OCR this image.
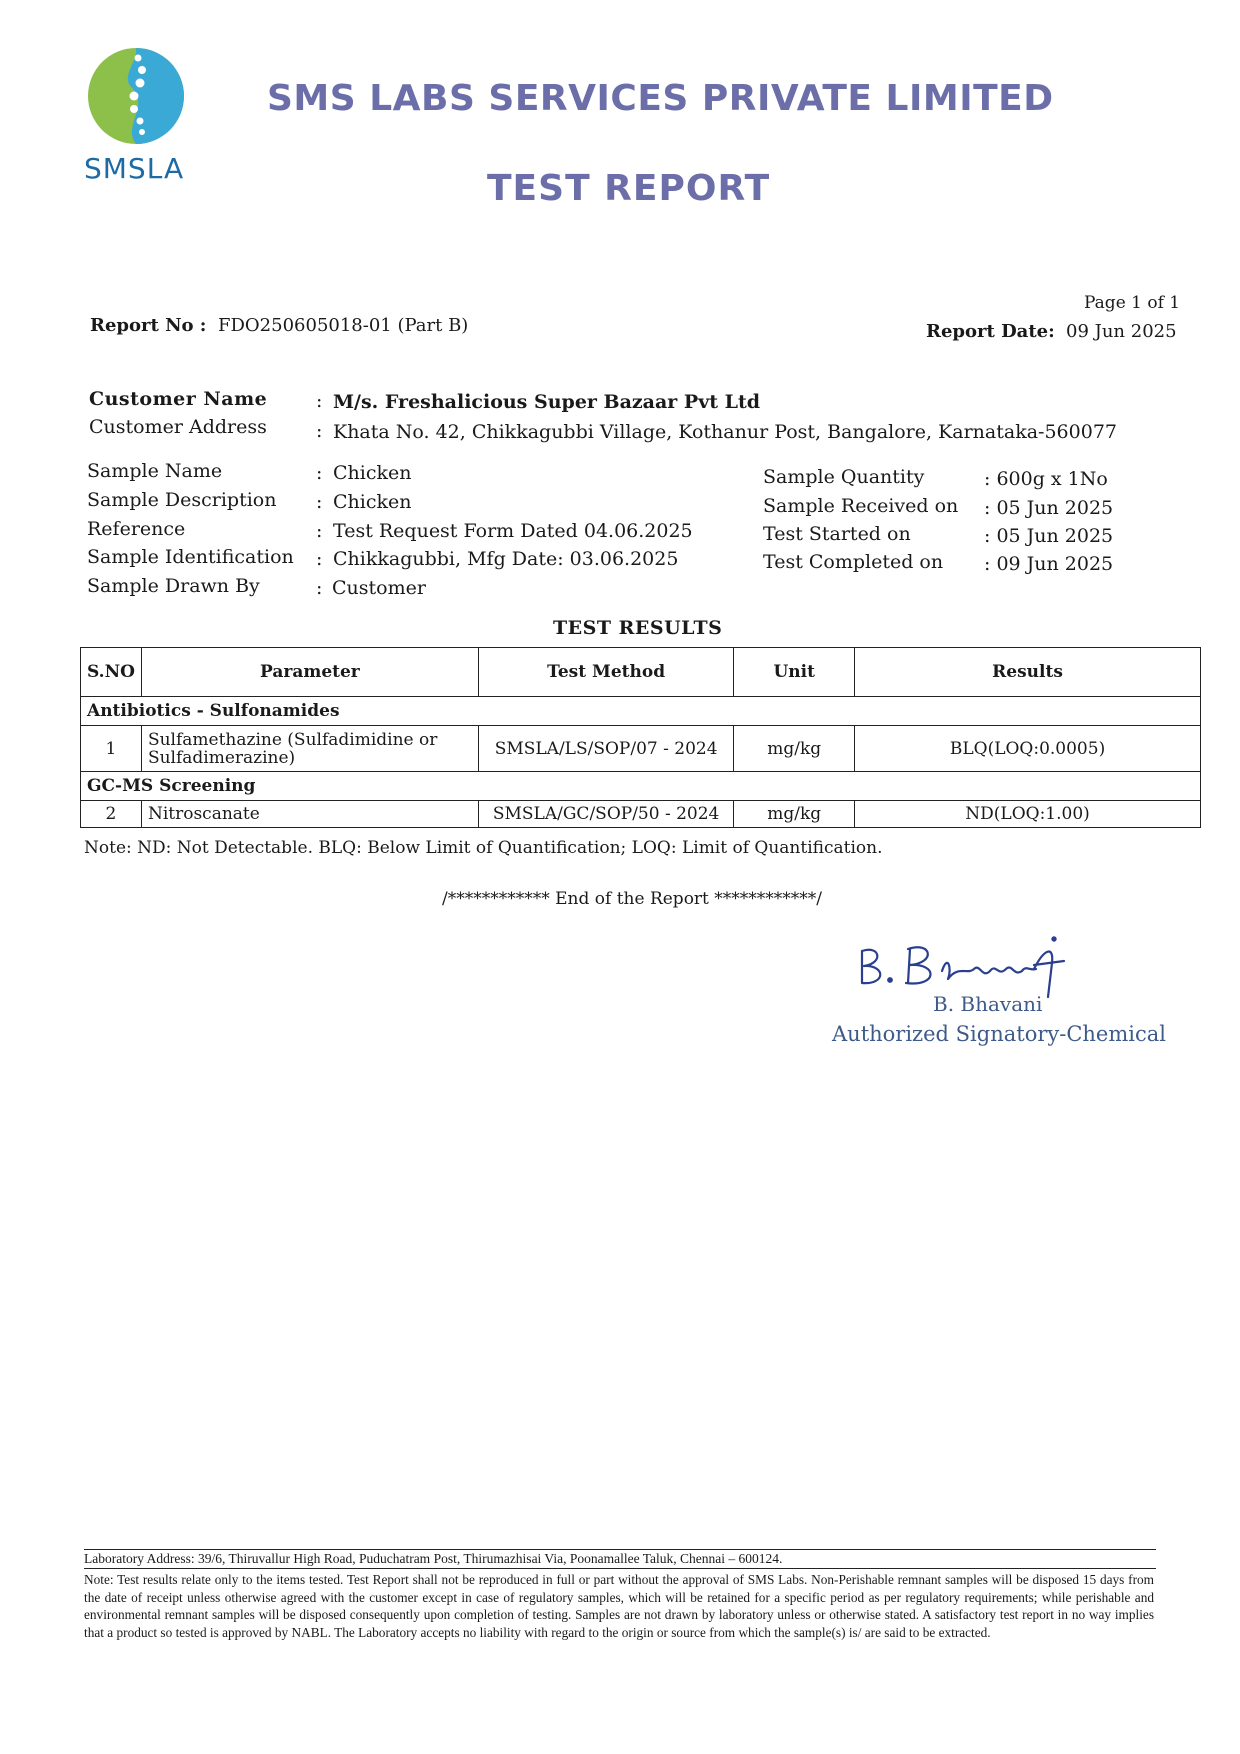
SMSLA
SMS LABS SERVICES PRIVATE LIMITED
TEST REPORT
Page 1 of 1
Report No : FDO250605018-01 (Part B)	Report Date: 09 Jun 2025
Customer Name	: M/s. Freshalicious Super Bazaar Pvt Ltd
Customer Address	: Khata No. 42, Chikkagubbi Village, Kothanur Post, Bangalore, Karnataka-560077
Sample Name	: Chicken
Sample Description : Chicken
Reference	: Test Request Form Dated 04.06.2025
Sample Identification : Chikkagubbi, Mfg Date: 03.06.2025
Sample Drawn By	: Customer
Sample Quantity	: 600g x 1No
Sample Received on : 05 Jun 2025
Test Started on	: 05 Jun 2025
Test Completed on : 09 Jun 2025
TEST RESULTS
S.NO	Parameter	Test Method	Unit	Results
Antibiotics - Sulfonamides				
1	Sulfamethazine (Sulfadimidine or Sulfadimerazine)	SMSLA/LS/SOP/07 - 2024	mg/kg	BLQ(LOQ:0.0005)
GC-MS Screening				
2	Nitroscanate	SMSLA/GC/SOP/50 - 2024	mg/kg	ND(LOQ:1.00)
Note: ND: Not Detectable. BLQ: Below Limit of Quantification; LOQ: Limit of Quantification.
/************ End of the Report ************/
B. Bhavani
Authorized Signatory-Chemical
Laboratory Address: 39/6, Thiruvallur High Road, Puduchatram Post, Thirumazhisai Via, Poonamallee Taluk, Chennai – 600124.
Note: Test results relate only to the items tested. Test Report shall not be reproduced in full or part without the approval of SMS Labs. Non-Perishable remnant samples will be disposed 15 days from the date of receipt unless otherwise agreed with the customer except in case of regulatory samples, which will be retained for a specific period as per regulatory requirements; while perishable and environmental remnant samples will be disposed consequently upon completion of testing. Samples are not drawn by laboratory unless or otherwise stated. A satisfactory test report in no way implies that a product so tested is approved by NABL. The Laboratory accepts no liability with regard to the origin or source from which the sample(s) is/ are said to be extracted.
